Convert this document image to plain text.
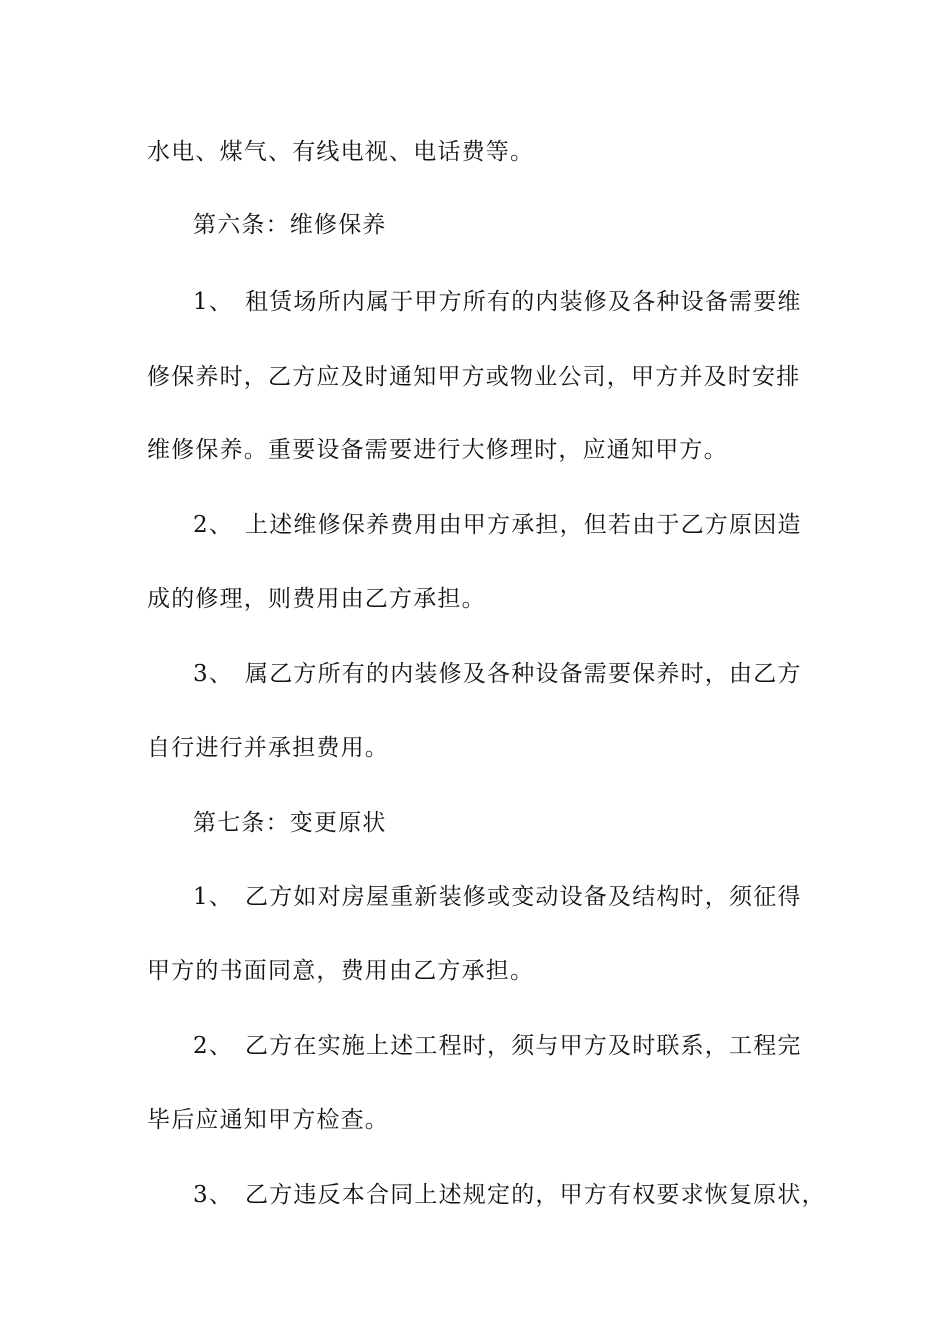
水电、煤气、有线电视、电话费等。
第六条：维修保养
1、 租赁场所内属于甲方所有的内装修及各种设备需要维
修保养时，乙方应及时通知甲方或物业公司，甲方并及时安排
维修保养。重要设备需要进行大修理时，应通知甲方。
2、 上述维修保养费用由甲方承担，但若由于乙方原因造
成的修理，则费用由乙方承担。
3、 属乙方所有的内装修及各种设备需要保养时，由乙方
自行进行并承担费用。
第七条：变更原状
1、 乙方如对房屋重新装修或变动设备及结构时，须征得
甲方的书面同意，费用由乙方承担。
2、 乙方在实施上述工程时，须与甲方及时联系，工程完
毕后应通知甲方检查。
3、 乙方违反本合同上述规定的，甲方有权要求恢复原状，
